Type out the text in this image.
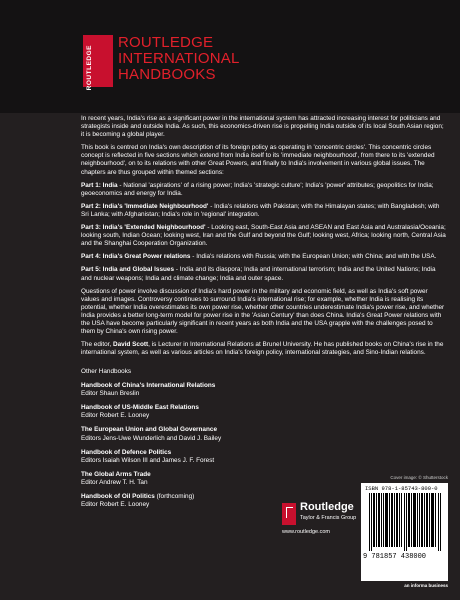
ROUTLEDGE
ROUTLEDGE
INTERNATIONAL
HANDBOOKS

In recent years, India's rise as a significant power in the international system has attracted increasing interest for politicians and strategists inside and outside India. As such, this economics-driven rise is propelling India outside of its local South Asian region; it is becoming a global player.

This book is centred on India's own description of its foreign policy as operating in 'concentric circles'. This concentric circles concept is reflected in five sections which extend from India itself to its 'immediate neighbourhood', from there to its 'extended neighbourhood', on to its relations with other Great Powers, and finally to India's involvement in various global issues. The chapters are thus grouped within themed sections:

Part 1: India - National 'aspirations' of a rising power; India's 'strategic culture'; India's 'power' attributes; geopolitics for India; geoeconomics and energy for India.

Part 2: India's 'Immediate Neighbourhood' - India's relations with Pakistan; with the Himalayan states; with Bangladesh; with Sri Lanka; with Afghanistan; India's role in 'regional' integration.

Part 3: India's 'Extended Neighbourhood' - Looking east, South-East Asia and ASEAN and East Asia and Australasia/Oceania; looking south, Indian Ocean; looking west, Iran and the Gulf and beyond the Gulf; looking west, Africa; looking north, Central Asia and the Shanghai Cooperation Organization.

Part 4: India's Great Power relations - India's relations with Russia; with the European Union; with China; and with the USA.

Part 5: India and Global Issues - India and its diaspora; India and international terrorism; India and the United Nations; India and nuclear weapons; India and climate change; India and outer space.

Questions of power involve discussion of India's hard power in the military and economic field, as well as India's soft power values and images. Controversy continues to surround India's international rise; for example, whether India is realising its potential, whether India overestimates its own power rise, whether other countries underestimate India's power rise, and whether India provides a better long-term model for power rise in the 'Asian Century' than does China. India's Great Power relations with the USA have become particularly significant in recent years as both India and the USA grapple with the challenges posed to them by China's own rising power.

The editor, David Scott, is Lecturer in International Relations at Brunel University. He has published books on China's rise in the international system, as well as various articles on India's foreign policy, international strategies, and Sino-Indian relations.

Other Handbooks
Handbook of China's International Relations
Editor Shaun Breslin
Handbook of US-Middle East Relations
Editor Robert E. Looney
The European Union and Global Governance
Editors Jens-Uwe Wunderlich and David J. Bailey
Handbook of Defence Politics
Editors Isaiah Wilson III and James J. F. Forest
The Global Arms Trade
Editor Andrew T. H. Tan
Handbook of Oil Politics (forthcoming)
Editor Robert E. Looney	Routledge
Taylor & Francis Group
www.routledge.com
Cover image: © Shutterstock
ISBN 978-1-85743-800-0
9 781857 438000
an informa business
